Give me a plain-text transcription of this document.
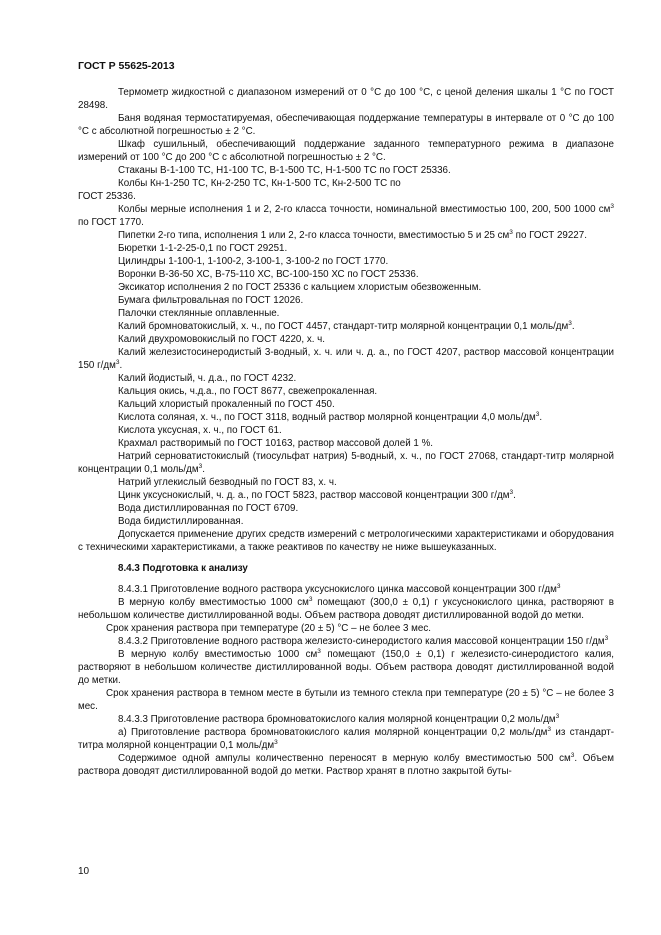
ГОСТ Р 55625-2013

Термометр жидкостной с диапазоном измерений от 0 °С до 100 °С, с ценой деления шкалы 1 °С по ГОСТ 28498.

Баня водяная термостатируемая, обеспечивающая поддержание температуры в интервале от 0 °С до 100 °С с абсолютной погрешностью ± 2 °С.

Шкаф сушильный, обеспечивающий поддержание заданного температурного режима в диапазоне измерений от 100 °С до 200 °С с абсолютной погрешностью ± 2 °С.

Стаканы В-1-100 ТС, Н1-100 ТС, В-1-500 ТС, Н-1-500 ТС по ГОСТ 25336.

Колбы Кн-1-250 ТС, Кн-2-250 ТС, Кн-1-500 ТС, Кн-2-500 ТС по

ГОСТ 25336.

Колбы мерные исполнения 1 и 2, 2-го класса точности, номинальной вместимостью 100, 200, 500 1000 $см^3$ по ГОСТ 1770.

Пипетки 2-го типа, исполнения 1 или 2, 2-го класса точности, вместимостью 5 и 25 $см^3$ по ГОСТ 29227.

Бюретки 1-1-2-25-0,1 по ГОСТ 29251.

Цилиндры 1-100-1, 1-100-2, 3-100-1, 3-100-2 по ГОСТ 1770.

Воронки В-36-50 ХС, В-75-110 ХС, ВС-100-150 ХС по ГОСТ 25336.

Эксикатор исполнения 2 по ГОСТ 25336 с кальцием хлористым обезвоженным.

Бумага фильтровальная по ГОСТ 12026.

Палочки стеклянные оплавленные.

Калий бромноватокислый, х. ч., по ГОСТ 4457, стандарт-титр молярной концентрации 0,1 моль/$дм^3$.

Калий двухромовокислый по ГОСТ 4220, х. ч.

Калий железистосинеродистый 3-водный, х. ч. или ч. д. а., по ГОСТ 4207, раствор массовой концентрации 150 $г/дм^3$.

Калий йодистый, ч. д.а., по ГОСТ 4232.

Кальция окись, ч.д.а., по ГОСТ 8677, свежепрокаленная.

Кальций хлористый прокаленный по ГОСТ 450.

Кислота соляная, х. ч., по ГОСТ 3118, водный раствор молярной концентрации 4,0 моль/$дм^3$.

Кислота уксусная, х. ч., по ГОСТ 61.

Крахмал растворимый по ГОСТ 10163, раствор массовой долей 1 %.

Натрий серноватистокислый (тиосульфат натрия) 5-водный, х. ч., по ГОСТ 27068, стандарт-титр молярной концентрации 0,1 моль/$дм^3$.

Натрий углекислый безводный по ГОСТ 83, х. ч.

Цинк уксуснокислый, ч. д. а., по ГОСТ 5823, раствор массовой концентрации 300 $г/дм^3$.

Вода дистиллированная по ГОСТ 6709.

Вода бидистиллированная.

Допускается применение других средств измерений с метрологическими характеристиками и оборудования с техническими характеристиками, а также реактивов по качеству не ниже вышеуказанных.

8.4.3 Подготовка к анализу

8.4.3.1 Приготовление водного раствора уксуснокислого цинка массовой концентрации 300 $г/дм^3$

В мерную колбу вместимостью 1000 $см^3$ помещают (300,0 ± 0,1) г уксуснокислого цинка, растворяют в небольшом количестве дистиллированной воды. Объем раствора доводят дистиллированной водой до метки.

Срок хранения раствора при температуре (20 ± 5) °С – не более 3 мес.

8.4.3.2 Приготовление водного раствора железисто-синеродистого калия массовой концентрации 150 $г/дм^3$

В мерную колбу вместимостью 1000 $см^3$ помещают (150,0 ± 0,1) г железисто-синеродистого калия, растворяют в небольшом количестве дистиллированной воды. Объем раствора доводят дистиллированной водой до метки.

Срок хранения раствора в темном месте в бутыли из темного стекла при температуре (20 ± 5) °С – не более 3 мес.

8.4.3.3 Приготовление раствора бромноватокислого калия молярной концентрации 0,2 моль/$дм^3$

а) Приготовление раствора бромноватокислого калия молярной концентрации 0,2 моль/$дм^3$ из стандарт-титра молярной концентрации 0,1 моль/$дм^3$

Содержимое одной ампулы количественно переносят в мерную колбу вместимостью 500 $см^3$. Объем раствора доводят дистиллированной водой до метки. Раствор хранят в плотно закрытой буты-

10
